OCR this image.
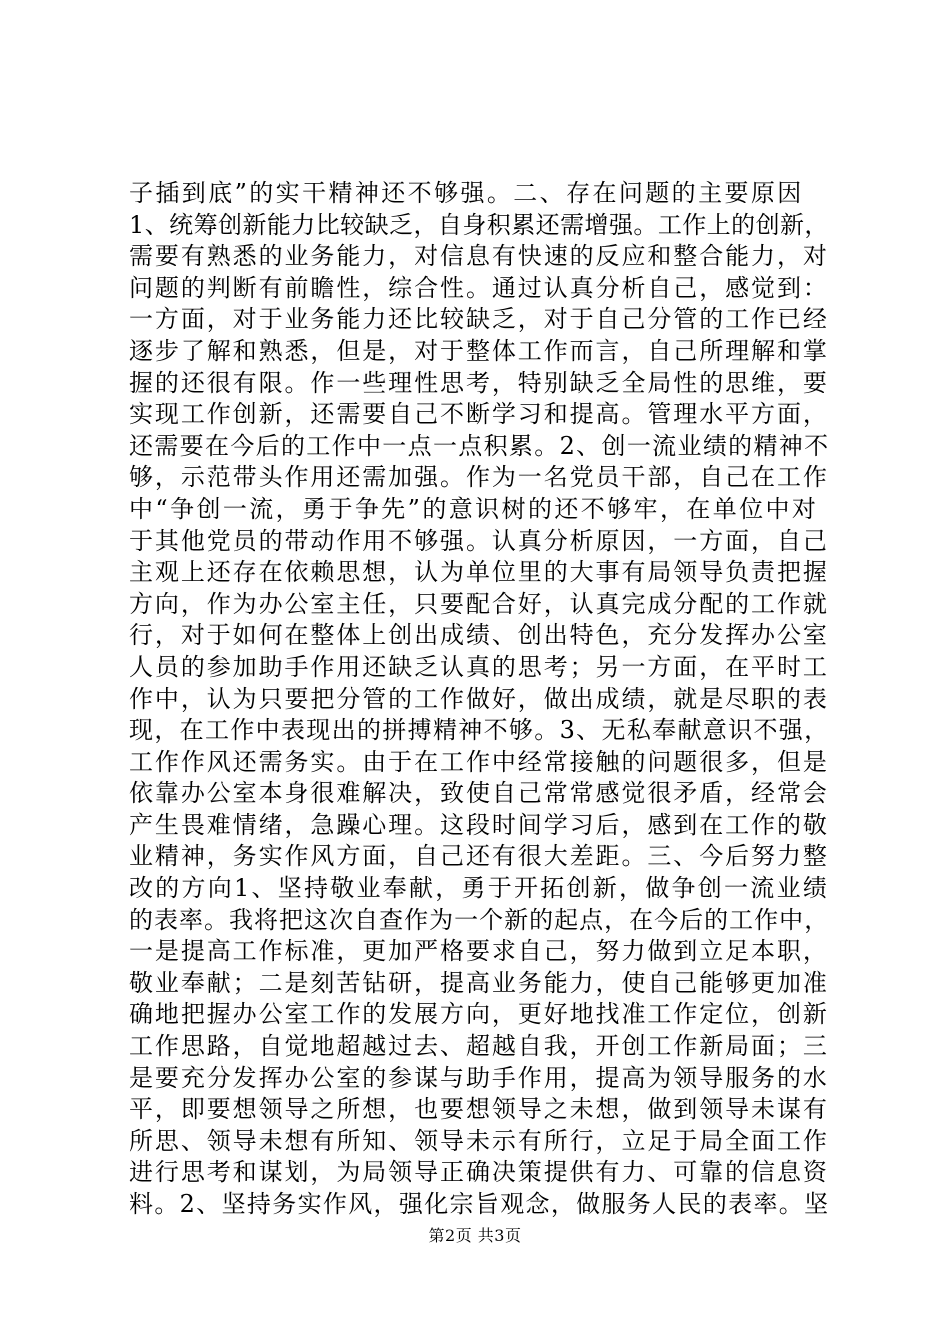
子插到底”的实干精神还不够强。二、存在问题的主要原因
1、统筹创新能力比较缺乏，自身积累还需增强。工作上的创新，
需要有熟悉的业务能力，对信息有快速的反应和整合能力，对
问题的判断有前瞻性，综合性。通过认真分析自己，感觉到：
一方面，对于业务能力还比较缺乏，对于自己分管的工作已经
逐步了解和熟悉，但是，对于整体工作而言，自己所理解和掌
握的还很有限。作一些理性思考，特别缺乏全局性的思维，要
实现工作创新，还需要自己不断学习和提高。管理水平方面，
还需要在今后的工作中一点一点积累。2、创一流业绩的精神不
够，示范带头作用还需加强。作为一名党员干部，自己在工作
中“争创一流，勇于争先”的意识树的还不够牢，在单位中对
于其他党员的带动作用不够强。认真分析原因，一方面，自己
主观上还存在依赖思想，认为单位里的大事有局领导负责把握
方向，作为办公室主任，只要配合好，认真完成分配的工作就
行，对于如何在整体上创出成绩、创出特色，充分发挥办公室
人员的参加助手作用还缺乏认真的思考；另一方面，在平时工
作中，认为只要把分管的工作做好，做出成绩，就是尽职的表
现，在工作中表现出的拼搏精神不够。3、无私奉献意识不强，
工作作风还需务实。由于在工作中经常接触的问题很多，但是
依靠办公室本身很难解决，致使自己常常感觉很矛盾，经常会
产生畏难情绪，急躁心理。这段时间学习后，感到在工作的敬
业精神，务实作风方面，自己还有很大差距。三、今后努力整
改的方向1、坚持敬业奉献，勇于开拓创新，做争创一流业绩
的表率。我将把这次自查作为一个新的起点，在今后的工作中，
一是提高工作标准，更加严格要求自己，努力做到立足本职，
敬业奉献；二是刻苦钻研，提高业务能力，使自己能够更加准
确地把握办公室工作的发展方向，更好地找准工作定位，创新
工作思路，自觉地超越过去、超越自我，开创工作新局面；三
是要充分发挥办公室的参谋与助手作用，提高为领导服务的水
平，即要想领导之所想，也要想领导之未想，做到领导未谋有
所思、领导未想有所知、领导未示有所行，立足于局全面工作
进行思考和谋划，为局领导正确决策提供有力、可靠的信息资
料。2、坚持务实作风，强化宗旨观念，做服务人民的表率。坚
第2页 共3页
